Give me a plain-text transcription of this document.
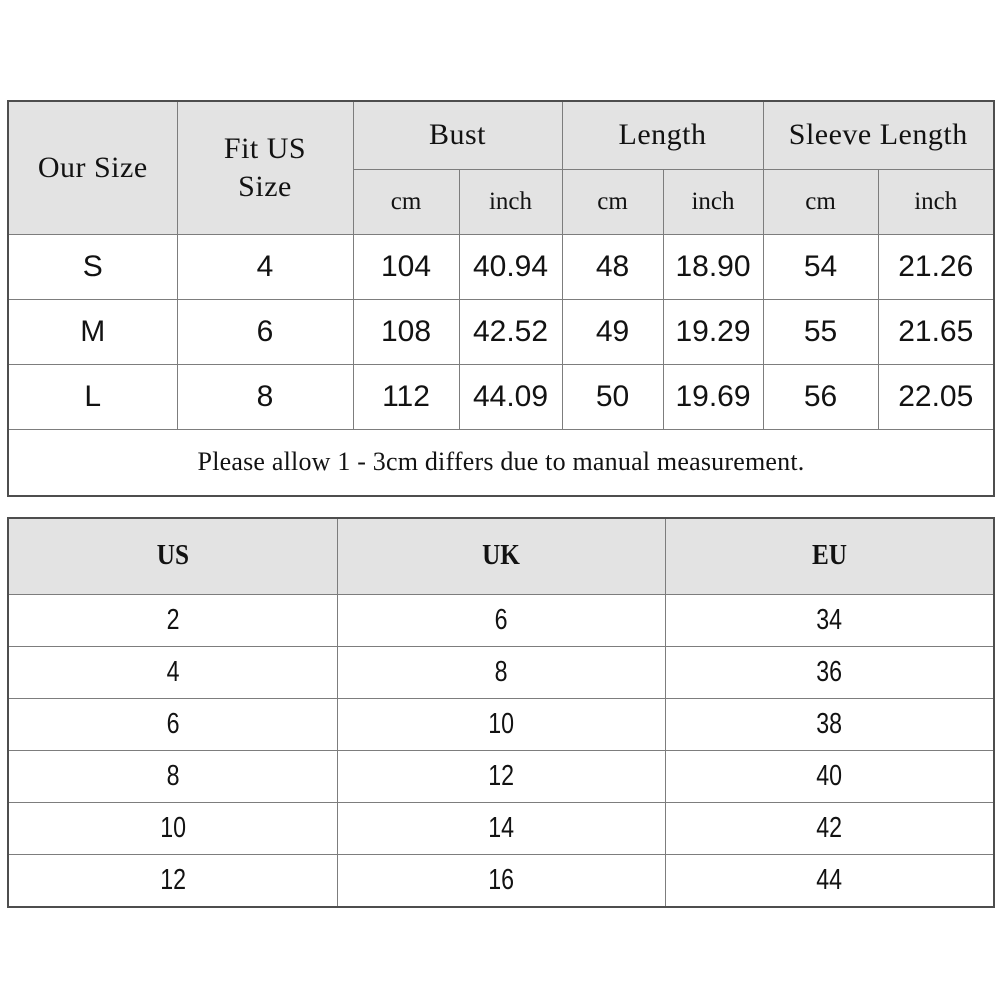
Our Size	Fit US Size	Bust		Length		Sleeve Length	
		cm	inch	cm	inch	cm	inch
S	4	104	40.94	48	18.90	54	21.26
M	6	108	42.52	49	19.29	55	21.65
L	8	112	44.09	50	19.69	56	22.05
Please allow 1 - 3cm differs due to manual measurement.							
US	UK	EU
2	6	34
4	8	36
6	10	38
8	12	40
10	14	42
12	16	44
